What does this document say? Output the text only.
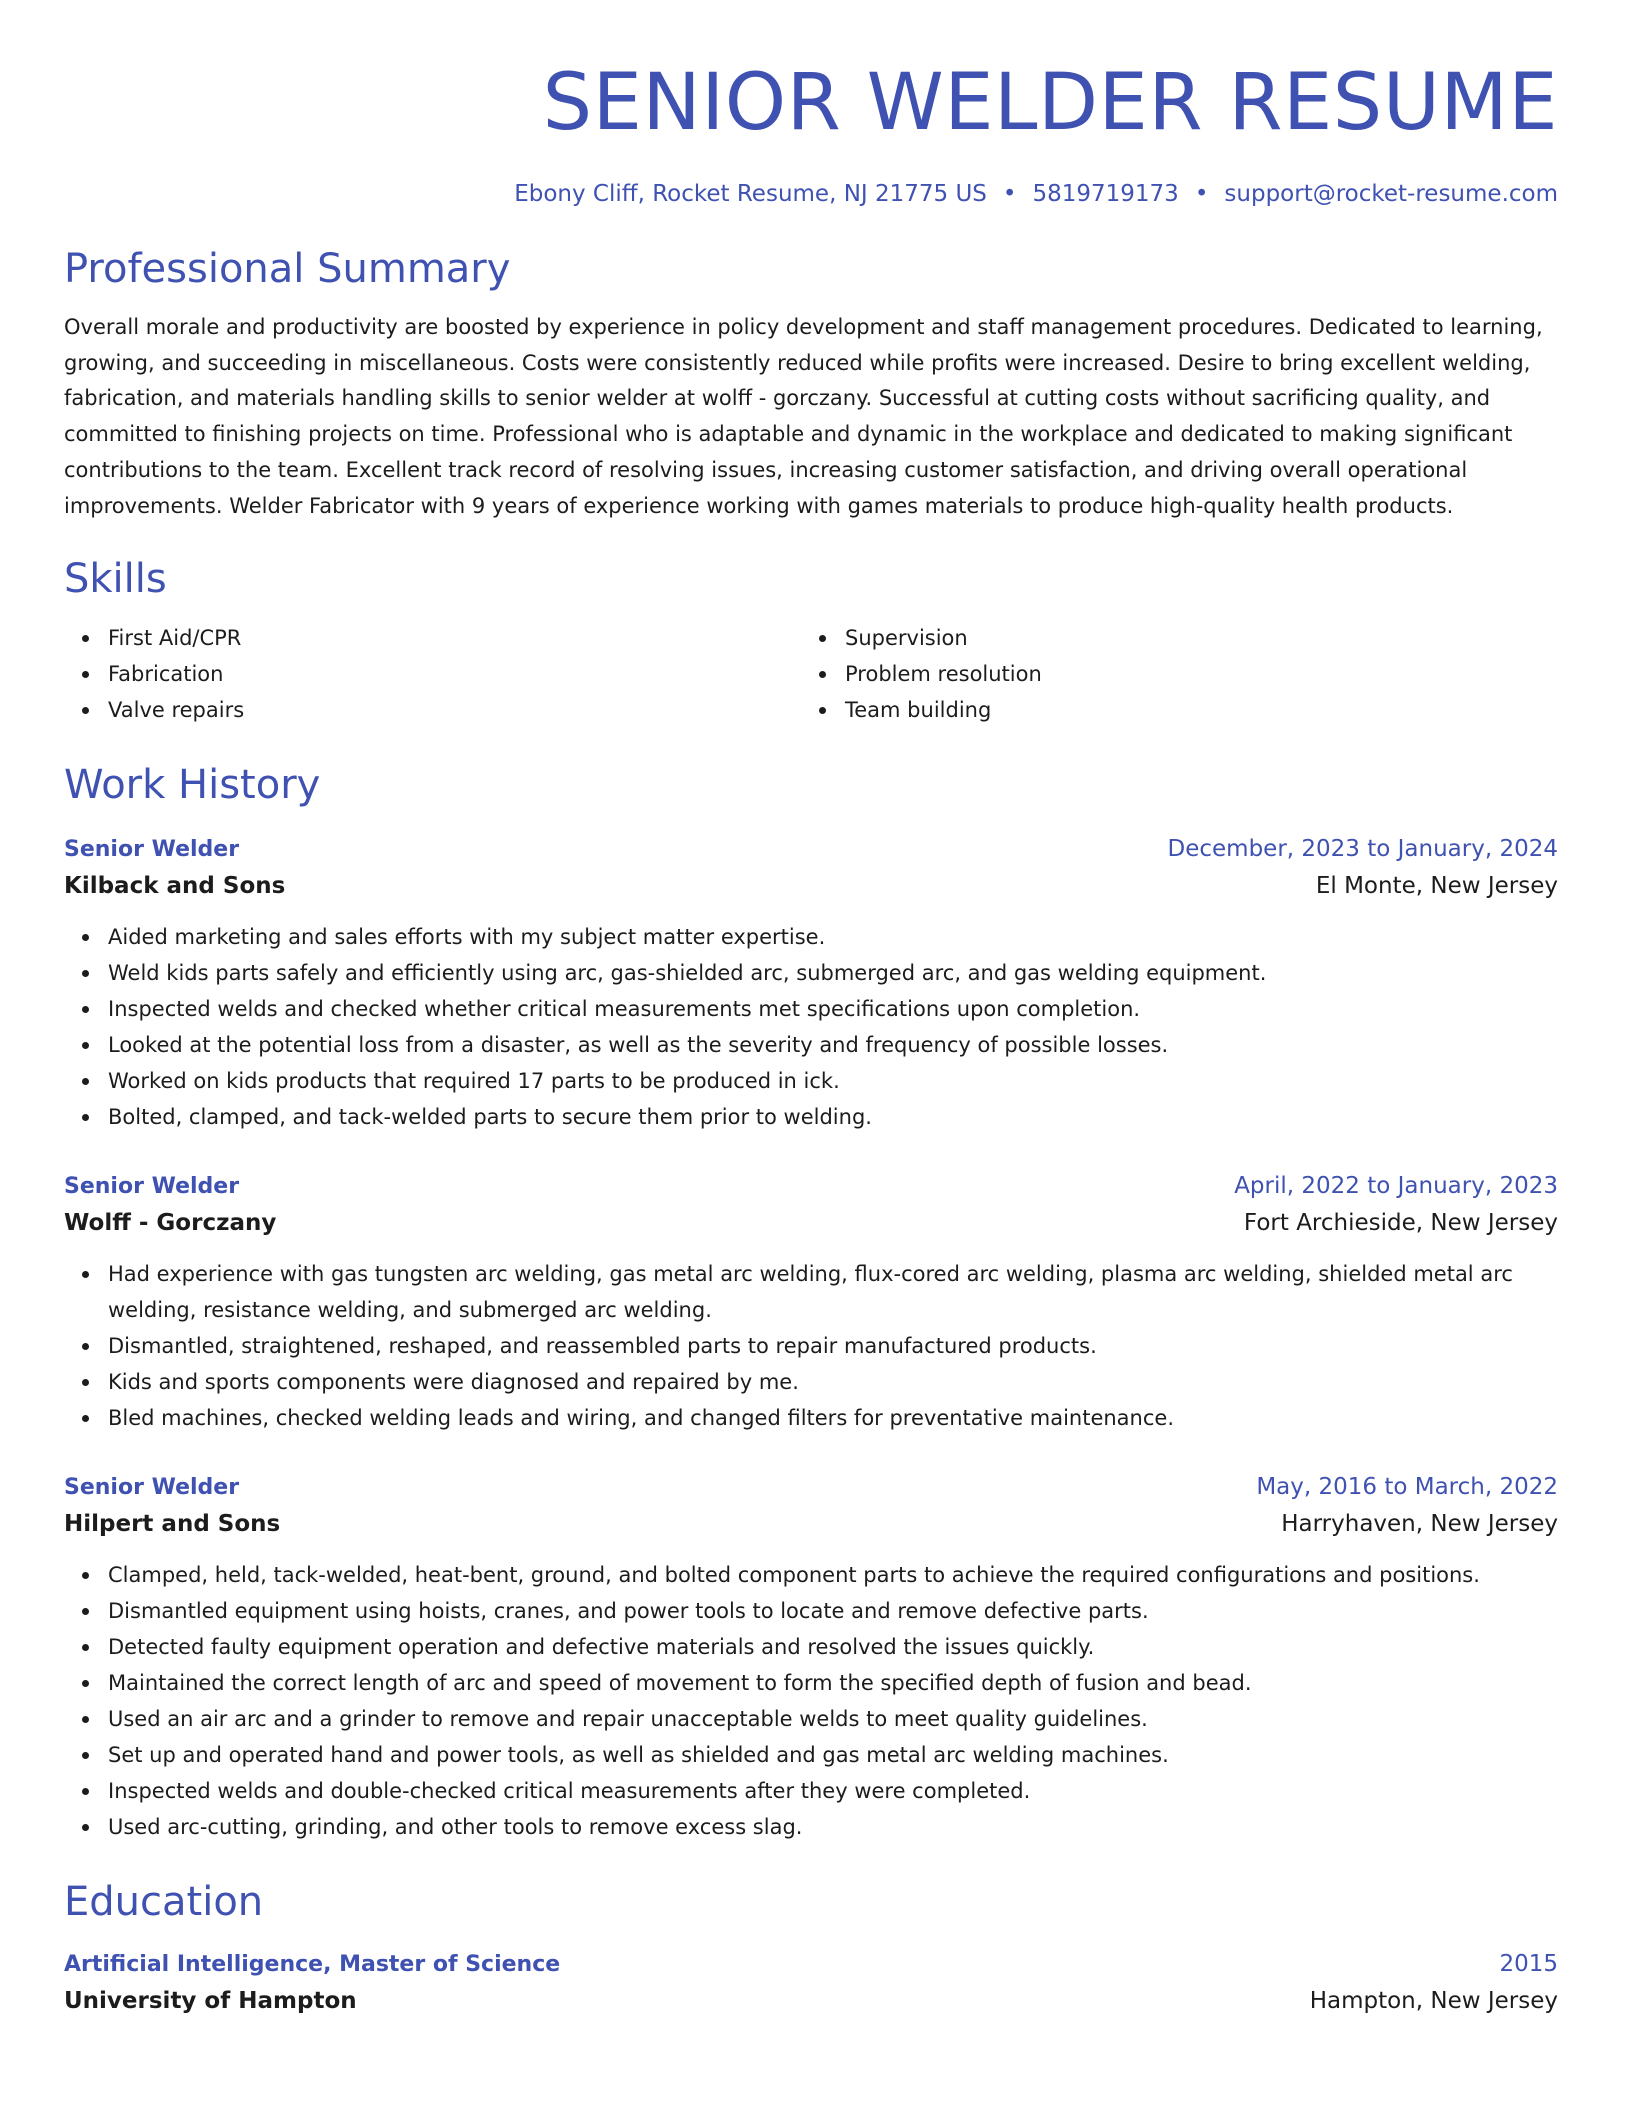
SENIOR WELDER RESUME
Ebony Cliff, Rocket Resume, NJ 21775 US • 5819719173 • support@rocket-resume.com
Professional Summary
Overall morale and productivity are boosted by experience in policy development and staff management procedures. Dedicated to learning, growing, and succeeding in miscellaneous. Costs were consistently reduced while profits were increased. Desire to bring excellent welding, fabrication, and materials handling skills to senior welder at wolff - gorczany. Successful at cutting costs without sacrificing quality, and committed to finishing projects on time. Professional who is adaptable and dynamic in the workplace and dedicated to making significant contributions to the team. Excellent track record of resolving issues, increasing customer satisfaction, and driving overall operational improvements. Welder Fabricator with 9 years of experience working with games materials to produce high-quality health products.
Skills
First Aid/CPR
Fabrication
Valve repairs
Supervision
Problem resolution
Team building
Work History
Senior Welder	December, 2023 to January, 2024
Kilback and Sons	El Monte, New Jersey
Aided marketing and sales efforts with my subject matter expertise.
Weld kids parts safely and efficiently using arc, gas-shielded arc, submerged arc, and gas welding equipment.
Inspected welds and checked whether critical measurements met specifications upon completion.
Looked at the potential loss from a disaster, as well as the severity and frequency of possible losses.
Worked on kids products that required 17 parts to be produced in ick.
Bolted, clamped, and tack-welded parts to secure them prior to welding.
Senior Welder	April, 2022 to January, 2023
Wolff - Gorczany	Fort Archieside, New Jersey
Had experience with gas tungsten arc welding, gas metal arc welding, flux-cored arc welding, plasma arc welding, shielded metal arc welding, resistance welding, and submerged arc welding.
Dismantled, straightened, reshaped, and reassembled parts to repair manufactured products.
Kids and sports components were diagnosed and repaired by me.
Bled machines, checked welding leads and wiring, and changed filters for preventative maintenance.
Senior Welder	May, 2016 to March, 2022
Hilpert and Sons	Harryhaven, New Jersey
Clamped, held, tack-welded, heat-bent, ground, and bolted component parts to achieve the required configurations and positions.
Dismantled equipment using hoists, cranes, and power tools to locate and remove defective parts.
Detected faulty equipment operation and defective materials and resolved the issues quickly.
Maintained the correct length of arc and speed of movement to form the specified depth of fusion and bead.
Used an air arc and a grinder to remove and repair unacceptable welds to meet quality guidelines.
Set up and operated hand and power tools, as well as shielded and gas metal arc welding machines.
Inspected welds and double-checked critical measurements after they were completed.
Used arc-cutting, grinding, and other tools to remove excess slag.
Education
Artificial Intelligence, Master of Science	2015
University of Hampton	Hampton, New Jersey
